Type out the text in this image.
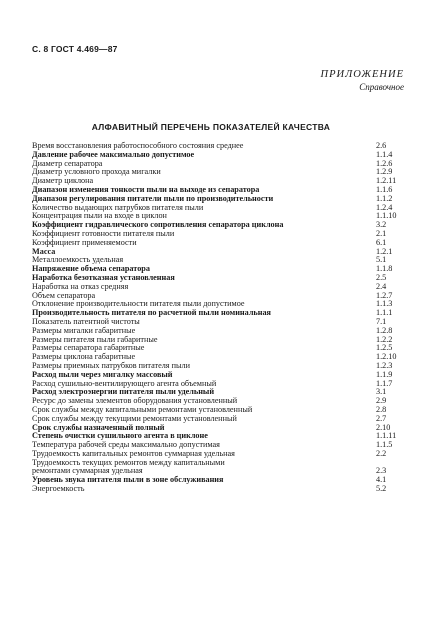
С. 8 ГОСТ 4.469—87
ПРИЛОЖЕНИЕ
Справочное
АЛФАВИТНЫЙ ПЕРЕЧЕНЬ ПОКАЗАТЕЛЕЙ КАЧЕСТВА
Время восстановления работоспособного состояния среднее	2.6
Давление рабочее максимально допустимое	1.1.4
Диаметр сепаратора	1.2.6
Диаметр условного прохода мигалки	1.2.9
Диаметр циклона	1.2.11
Диапазон изменения тонкости пыли на выходе из сепаратора	1.1.6
Диапазон регулирования питатели пыли по производительности	1.1.2
Количество выдающих патрубков питателя пыли	1.2.4
Концентрация пыли на входе в циклон	1.1.10
Коэффициент гидравлического сопротивления сепаратора циклона	3.2
Коэффициент готовности питателя пыли	2.1
Коэффициент применяемости	6.1
Масса	1.2.1
Металлоемкость удельная	5.1
Напряжение объема сепаратора	1.1.8
Наработка безотказная установленная	2.5
Наработка на отказ средняя	2.4
Объем сепаратора	1.2.7
Отклонение производительности питателя пыли допустимое	1.1.3
Производительность питателя по расчетной пыли номинальная	1.1.1
Показатель патентной чистоты	7.1
Размеры мигалки габаритные	1.2.8
Размеры питателя пыли габаритные	1.2.2
Размеры сепаратора габаритные	1.2.5
Размеры циклона габаритные	1.2.10
Размеры приемных патрубков питателя пыли	1.2.3
Расход пыли через мигалку массовый	1.1.9
Расход сушильно-вентилирующего агента объемный	1.1.7
Расход электроэнергии питателя пыли удельный	3.1
Ресурс до замены элементов оборудования установленный	2.9
Срок службы между капитальными ремонтами установленный	2.8
Срок службы между текущими ремонтами установленный	2.7
Срок службы назначенный полный	2.10
Степень очистки сушильного агента в циклоне	1.1.11
Температура рабочей среды максимально допустимая	1.1.5
Трудоемкость капитальных ремонтов суммарная удельная	2.2
Трудоемкость текущих ремонтов между капитальными
ремонтами суммарная удельная	2.3
Уровень звука питателя пыли в зоне обслуживания	4.1
Энергоемкость	5.2
